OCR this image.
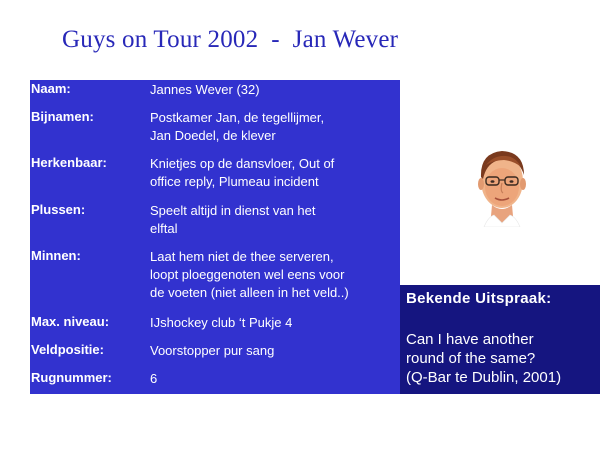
Guys on Tour 2002  -  Jan Wever
Naam:	Jannes Wever (32)
Bijnamen:	Postkamer Jan, de tegellijmer,
Jan Doedel, de klever
Herkenbaar:	Knietjes op de dansvloer, Out of
office reply, Plumeau incident
Plussen:	Speelt altijd in dienst van het
elftal
Minnen:	Laat hem niet de thee serveren,
loopt ploeggenoten wel eens voor
de voeten (niet alleen in het veld..)
Max. niveau:	IJshockey club ‘t Pukje 4
Veldpositie:	Voorstopper pur sang
Rugnummer:	6
Bekende Uitspraak:
Can I have another
round of the same?
(Q-Bar te Dublin, 2001)
